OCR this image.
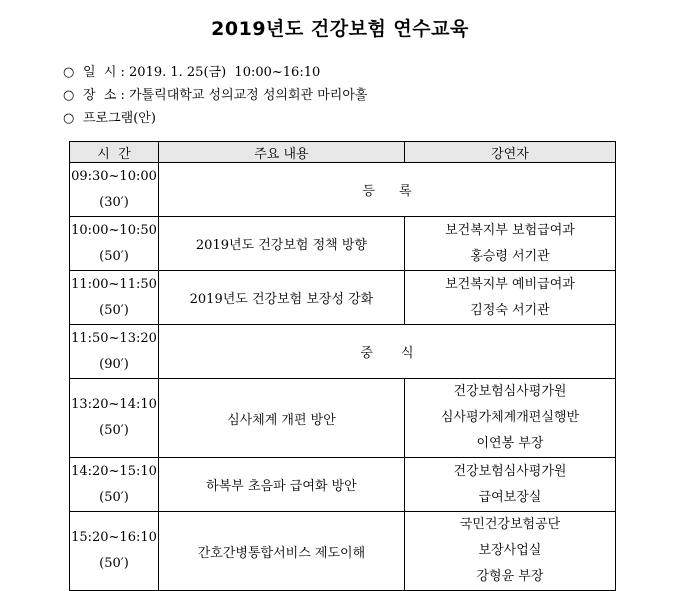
2019년도 건강보험 연수교육
○ 일  시 : 2019. 1. 25(금)  10:00~16:10
○ 장  소 : 가톨릭대학교 성의교정 성의회관 마리아홀
○ 프로그램(안)
시  간	주요 내용	강연자

09:30~10:00
(30′)	등록	

10:00~10:50
(50′)	2019년도 건강보험 정책 방향	보건복지부 보험급여과
홍승령 서기관

11:00~11:50
(50′)	2019년도 건강보험 보장성 강화	보건복지부 예비급여과
김정숙 서기관

11:50~13:20
(90′)	중식	

13:20~14:10
(50′)	심사체계 개편 방안	건강보험심사평가원
심사평가체계개편실행반
이연봉 부장

14:20~15:10
(50′)	하복부 초음파 급여화 방안	건강보험심사평가원
급여보장실

15:20~16:10
(50′)	간호간병통합서비스 제도이해	국민건강보험공단
보장사업실
강형윤 부장
